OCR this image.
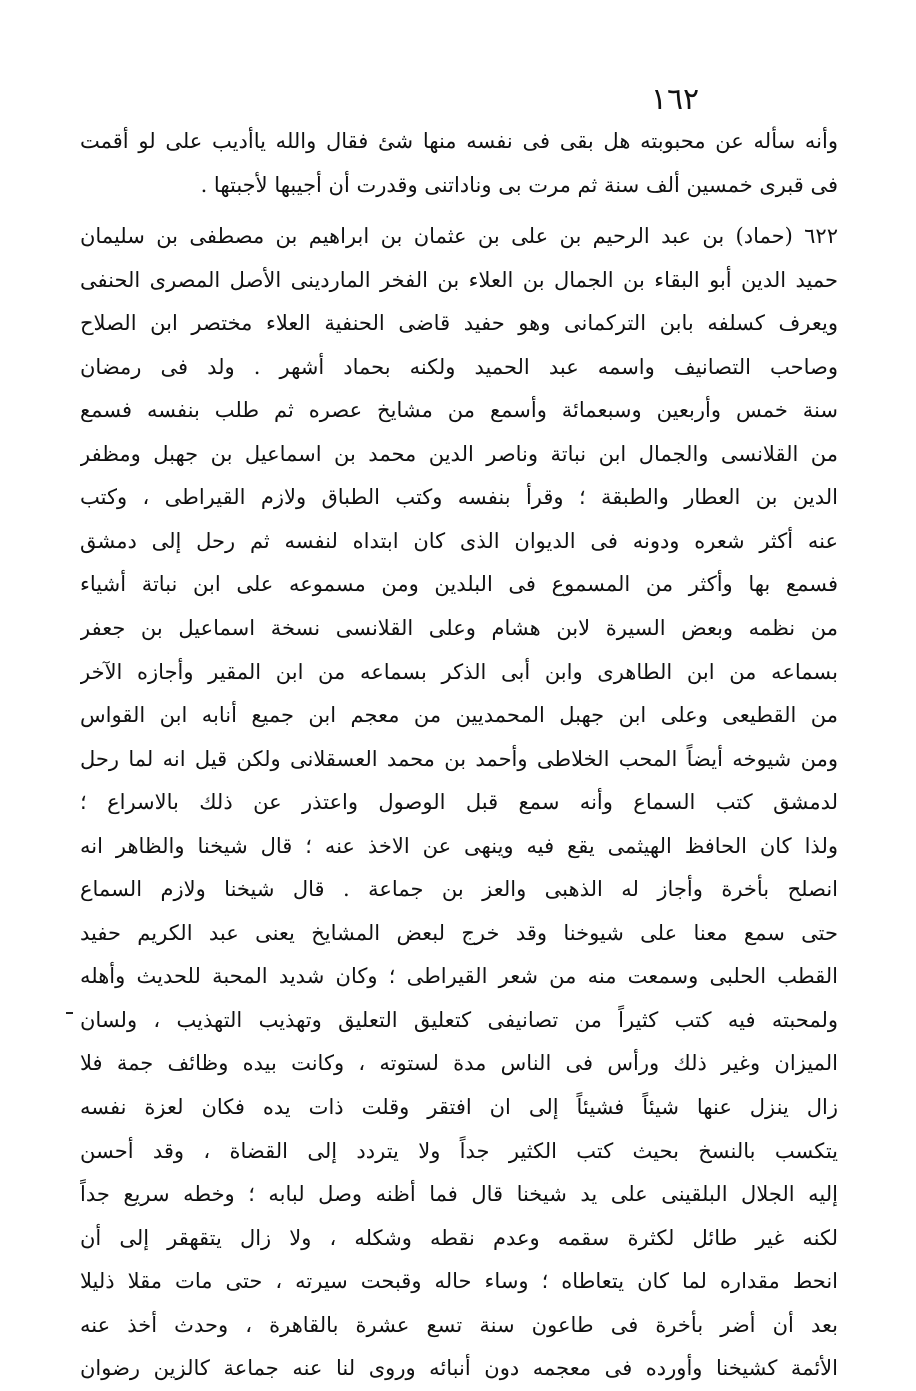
١٦٢
وأنه سأله عن محبوبته هل بقى فى نفسه منها شئ فقال والله ياأديب على لو أقمت
فى قبرى خمسين ألف سنة ثم مرت بى وناداتنى وقدرت أن أجيبها لأجبتها .
٦٢٢ (حماد) بن عبد الرحيم بن على بن عثمان بن ابراهيم بن مصطفى بن سليمان
حميد الدين أبو البقاء بن الجمال بن العلاء بن الفخر الماردينى الأصل المصرى الحنفى
ويعرف كسلفه بابن التركمانى وهو حفيد قاضى الحنفية العلاء مختصر ابن الصلاح
وصاحب التصانيف واسمه عبد الحميد ولكنه بحماد أشهر . ولد فى رمضان
سنة خمس وأربعين وسبعمائة وأسمع من مشايخ عصره ثم طلب بنفسه فسمع
من القلانسى والجمال ابن نباتة وناصر الدين محمد بن اسماعيل بن جهبل ومظفر
الدين بن العطار والطبقة ؛ وقرأ بنفسه وكتب الطباق ولازم القيراطى ، وكتب
عنه أكثر شعره ودونه فى الديوان الذى كان ابتداه لنفسه ثم رحل إلى دمشق
فسمع بها وأكثر من المسموع فى البلدين ومن مسموعه على ابن نباتة أشياء
من نظمه وبعض السيرة لابن هشام وعلى القلانسى نسخة اسماعيل بن جعفر
بسماعه من ابن الطاهرى وابن أبى الذكر بسماعه من ابن المقير وأجازه الآخر
من القطيعى وعلى ابن جهبل المحمديين من معجم ابن جميع أنابه ابن القواس
ومن شيوخه أيضاً المحب الخلاطى وأحمد بن محمد العسقلانى ولكن قيل انه لما رحل
لدمشق كتب السماع وأنه سمع قبل الوصول واعتذر عن ذلك بالاسراع ؛
ولذا كان الحافظ الهيثمى يقع فيه وينهى عن الاخذ عنه ؛ قال شيخنا والظاهر انه
انصلح بأخرة وأجاز له الذهبى والعز بن جماعة . قال شيخنا ولازم السماع
حتى سمع معنا على شيوخنا وقد خرج لبعض المشايخ يعنى عبد الكريم حفيد
القطب الحلبى وسمعت منه من شعر القيراطى ؛ وكان شديد المحبة للحديث وأهله
ولمحبته فيه كتب كثيراً من تصانيفى كتعليق التعليق وتهذيب التهذيب ، ولسان
الميزان وغير ذلك ورأس فى الناس مدة لستوته ، وكانت بيده وظائف جمة فلا
زال ينزل عنها شيئاً فشيئاً إلى ان افتقر وقلت ذات يده فكان لعزة نفسه
يتكسب بالنسخ بحيث كتب الكثير جداً ولا يتردد إلى القضاة ، وقد أحسن
إليه الجلال البلقينى على يد شيخنا قال فما أظنه وصل لبابه ؛ وخطه سريع جداً
لكنه غير طائل لكثرة سقمه وعدم نقطه وشكله ، ولا زال يتقهقر إلى أن
انحط مقداره لما كان يتعاطاه ؛ وساء حاله وقبحت سيرته ، حتى مات مقلا ذليلا
بعد أن أضر بأخرة فى طاعون سنة تسع عشرة بالقاهرة ، وحدث أخذ عنه
الأئمة كشيخنا وأورده فى معجمه دون أنبائه وروى لنا عنه جماعة كالزين رضوان
